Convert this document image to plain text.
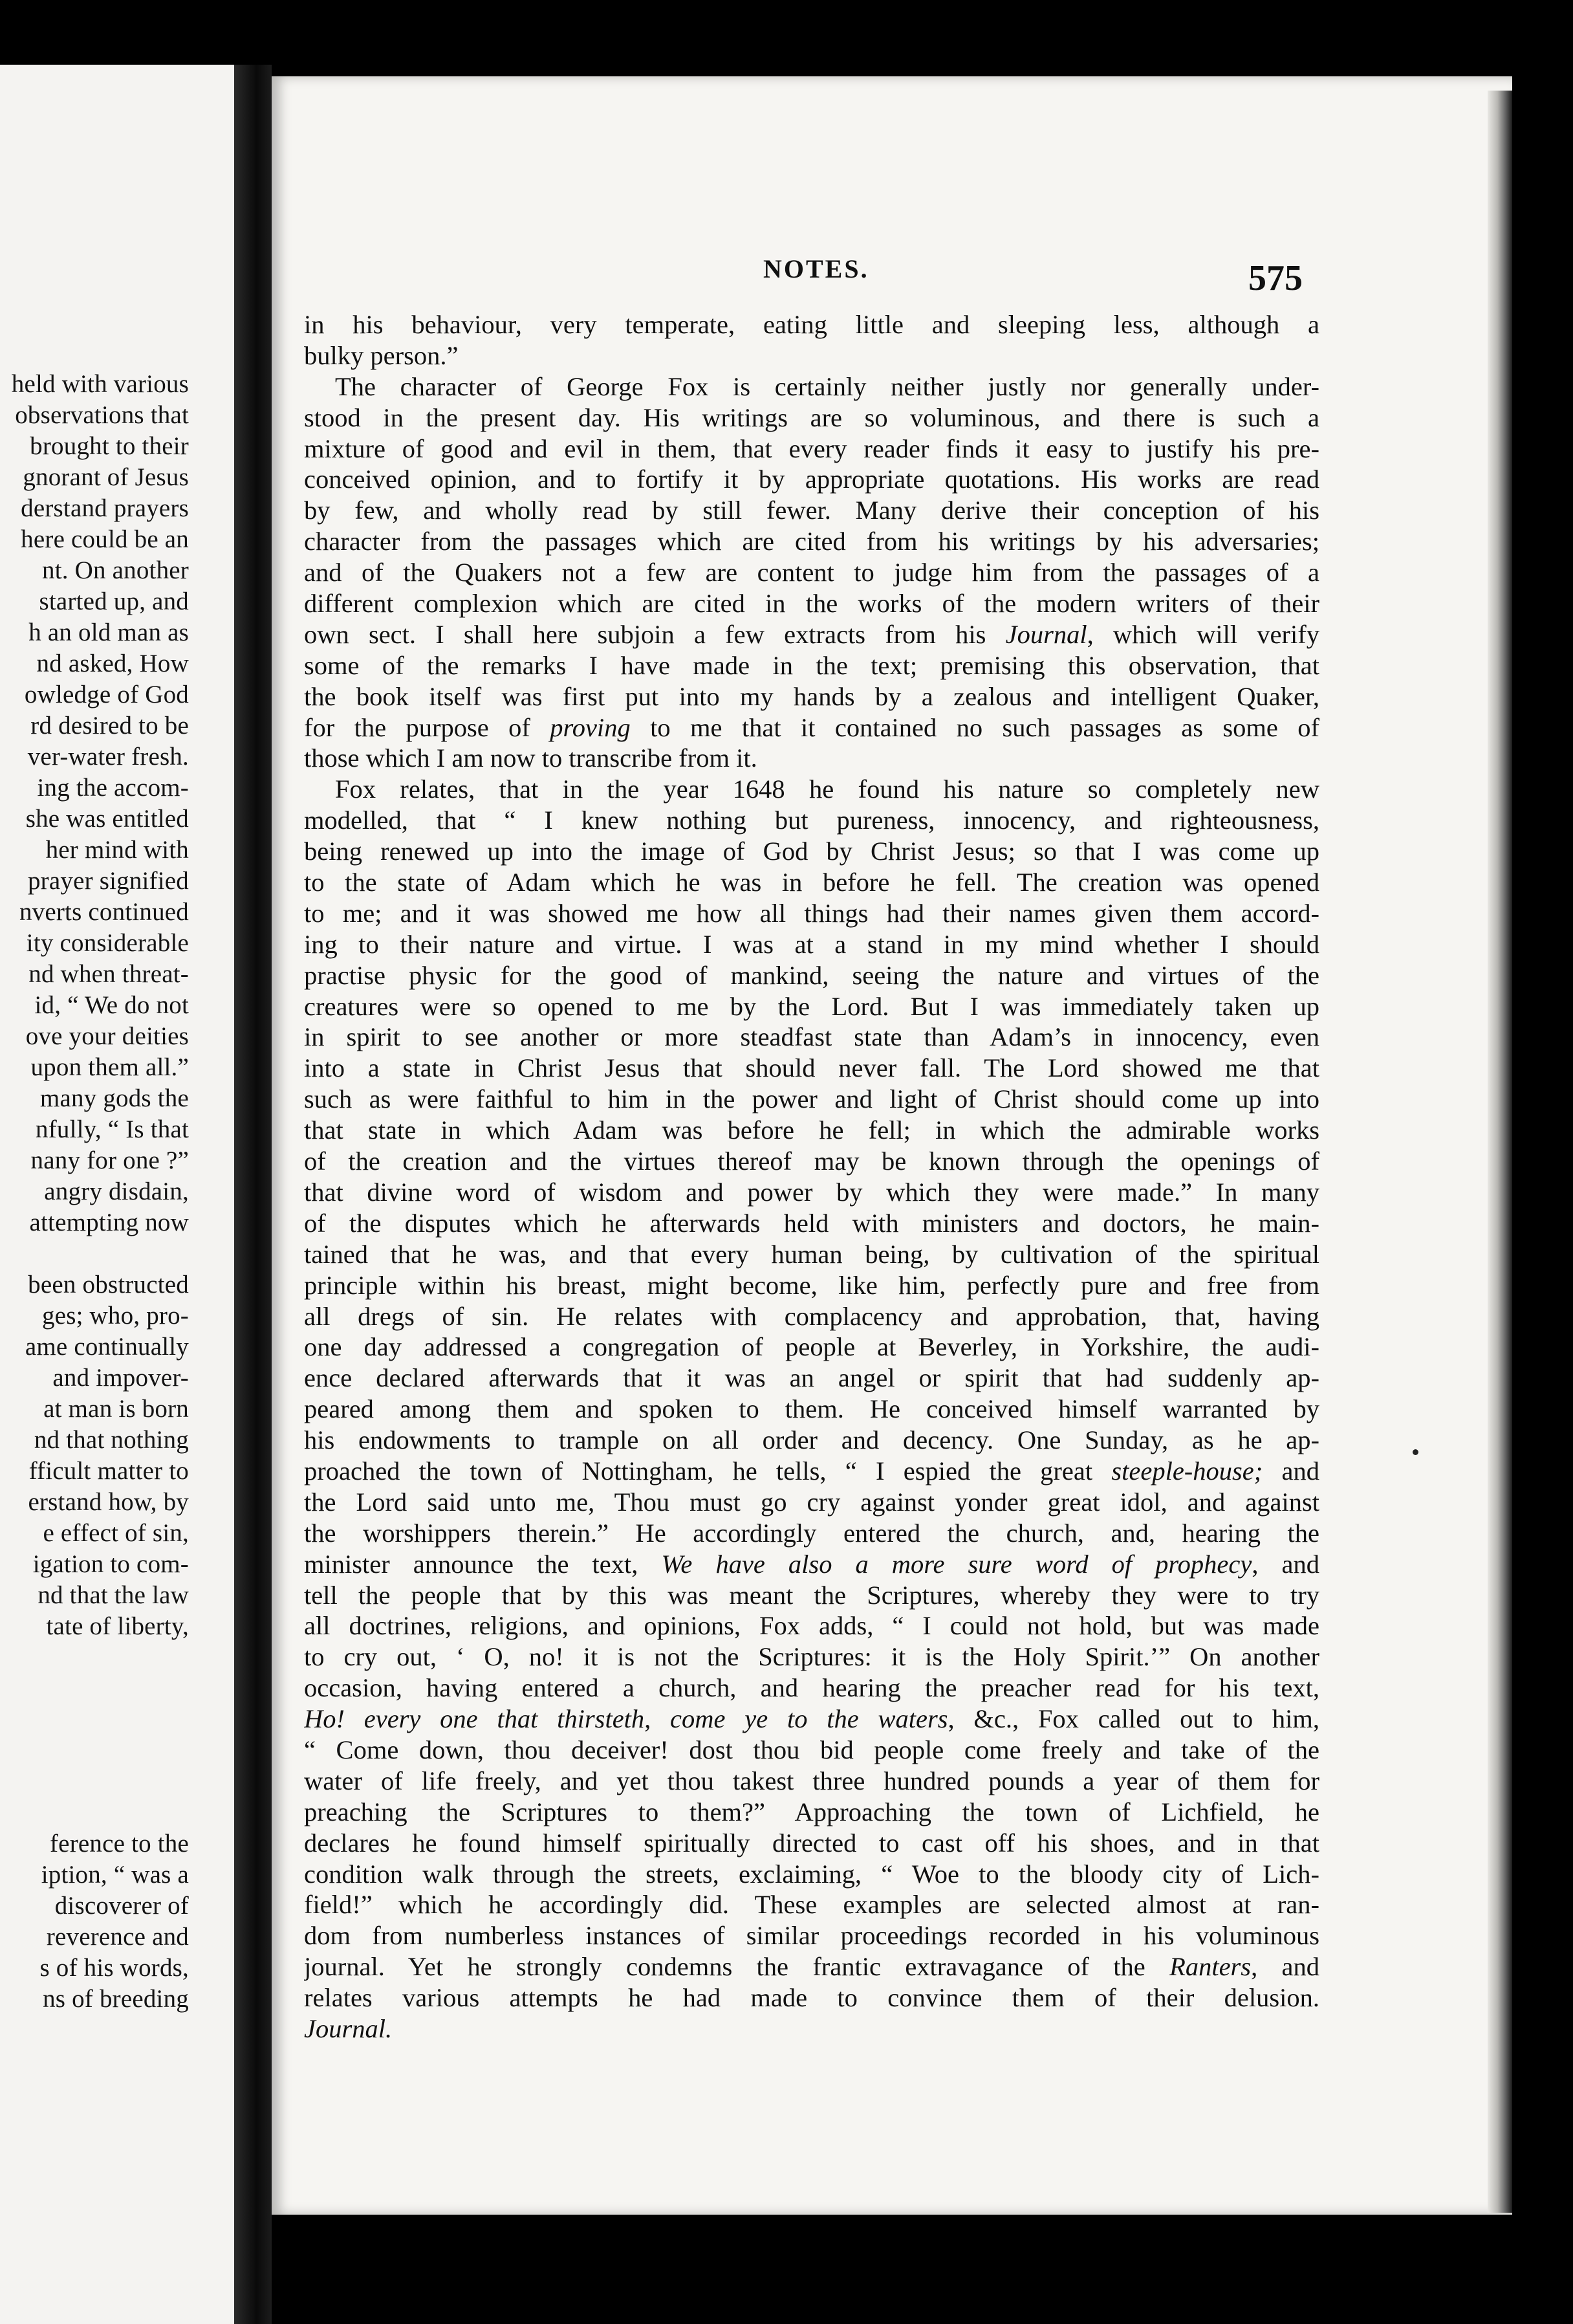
held with various
observations that
brought to their
gnorant of Jesus
derstand prayers
here could be an
nt. On another
started up, and
h an old man as
nd asked, How
owledge of God
rd desired to be
ver-water fresh.
ing the accom-
she was entitled
her mind with
prayer signified
nverts continued
ity considerable
nd when threat-
id, “ We do not
ove your deities
upon them all.”
many gods the
nfully, “ Is that
nany for one ?”
angry disdain,
attempting now
been obstructed
ges; who, pro-
ame continually
and impover-
at man is born
nd that nothing
fficult matter to
erstand how, by
e effect of sin,
igation to com-
nd that the law
tate of liberty,
ference to the
iption, “ was a
discoverer of
reverence and
s of his words,
ns of breeding
NOTES.	575
in his behaviour, very temperate, eating little and sleeping less, although a
bulky person.”
The character of George Fox is certainly neither justly nor generally under-
stood in the present day. His writings are so voluminous, and there is such a
mixture of good and evil in them, that every reader finds it easy to justify his pre-
conceived opinion, and to fortify it by appropriate quotations. His works are read
by few, and wholly read by still fewer. Many derive their conception of his
character from the passages which are cited from his writings by his adversaries;
and of the Quakers not a few are content to judge him from the passages of a
different complexion which are cited in the works of the modern writers of their
own sect. I shall here subjoin a few extracts from his Journal, which will verify
some of the remarks I have made in the text; premising this observation, that
the book itself was first put into my hands by a zealous and intelligent Quaker,
for the purpose of proving to me that it contained no such passages as some of
those which I am now to transcribe from it.
Fox relates, that in the year 1648 he found his nature so completely new
modelled, that “ I knew nothing but pureness, innocency, and righteousness,
being renewed up into the image of God by Christ Jesus; so that I was come up
to the state of Adam which he was in before he fell. The creation was opened
to me; and it was showed me how all things had their names given them accord-
ing to their nature and virtue. I was at a stand in my mind whether I should
practise physic for the good of mankind, seeing the nature and virtues of the
creatures were so opened to me by the Lord. But I was immediately taken up
in spirit to see another or more steadfast state than Adam’s in innocency, even
into a state in Christ Jesus that should never fall. The Lord showed me that
such as were faithful to him in the power and light of Christ should come up into
that state in which Adam was before he fell; in which the admirable works
of the creation and the virtues thereof may be known through the openings of
that divine word of wisdom and power by which they were made.” In many
of the disputes which he afterwards held with ministers and doctors, he main-
tained that he was, and that every human being, by cultivation of the spiritual
principle within his breast, might become, like him, perfectly pure and free from
all dregs of sin. He relates with complacency and approbation, that, having
one day addressed a congregation of people at Beverley, in Yorkshire, the audi-
ence declared afterwards that it was an angel or spirit that had suddenly ap-
peared among them and spoken to them. He conceived himself warranted by
his endowments to trample on all order and decency. One Sunday, as he ap-
proached the town of Nottingham, he tells, “ I espied the great steeple-house; and
the Lord said unto me, Thou must go cry against yonder great idol, and against
the worshippers therein.” He accordingly entered the church, and, hearing the
minister announce the text, We have also a more sure word of prophecy, and
tell the people that by this was meant the Scriptures, whereby they were to try
all doctrines, religions, and opinions, Fox adds, “ I could not hold, but was made
to cry out, ‘ O, no! it is not the Scriptures: it is the Holy Spirit.’” On another
occasion, having entered a church, and hearing the preacher read for his text,
Ho! every one that thirsteth, come ye to the waters, &c., Fox called out to him,
“ Come down, thou deceiver! dost thou bid people come freely and take of the
water of life freely, and yet thou takest three hundred pounds a year of them for
preaching the Scriptures to them?” Approaching the town of Lichfield, he
declares he found himself spiritually directed to cast off his shoes, and in that
condition walk through the streets, exclaiming, “ Woe to the bloody city of Lich-
field!” which he accordingly did. These examples are selected almost at ran-
dom from numberless instances of similar proceedings recorded in his voluminous
journal. Yet he strongly condemns the frantic extravagance of the Ranters, and
relates various attempts he had made to convince them of their delusion.
Journal.
